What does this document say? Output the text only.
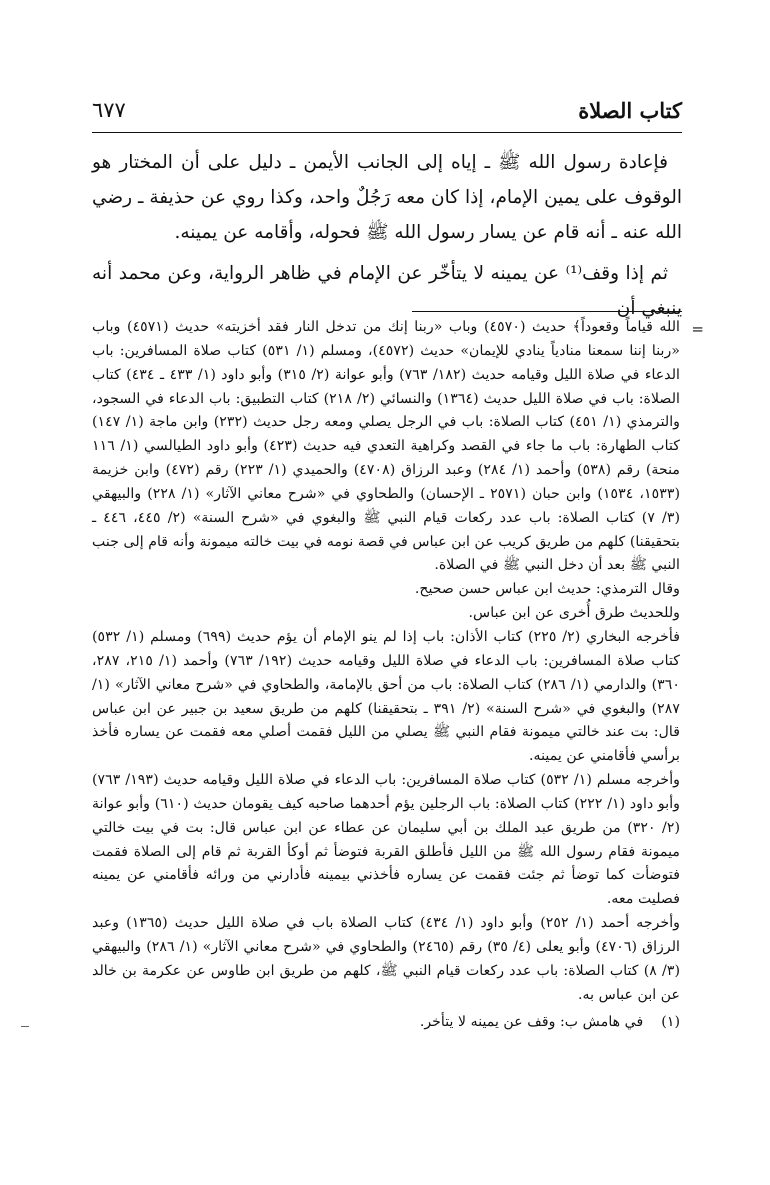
كتاب الصلاة
٦٧٧

فإعادة رسول الله ﷺ ـ إياه إلى الجانب الأيمن ـ دليل على أن المختار هو الوقوف على يمين الإمام، إذا كان معه رَجُلٌ واحد، وكذا روي عن حذيفة ـ رضي الله عنه ـ أنه قام عن يسار رسول الله ﷺ فحوله، وأقامه عن يمينه.

ثم إذا وقف⁽¹⁾ عن يمينه لا يتأخّر عن الإمام في ظاهر الرواية، وعن محمد أنه ينبغي أن

=

الله قياماً وقعوداً﴾ حديث (٤٥٧٠) وباب «ربنا إنك من تدخل النار فقد أخزيته» حديث (٤٥٧١) وباب «ربنا إننا سمعنا منادياً ينادي للإيمان» حديث (٤٥٧٢)، ومسلم (١/ ٥٣١) كتاب صلاة المسافرين: باب الدعاء في صلاة الليل وقيامه حديث (١٨٢/ ٧٦٣) وأبو عوانة (٢/ ٣١٥) وأبو داود (١/ ٤٣٣ ـ ٤٣٤) كتاب الصلاة: باب في صلاة الليل حديث (١٣٦٤) والنسائي (٢/ ٢١٨) كتاب التطبيق: باب الدعاء في السجود، والترمذي (١/ ٤٥١) كتاب الصلاة: باب في الرجل يصلي ومعه رجل حديث (٢٣٢) وابن ماجة (١/ ١٤٧) كتاب الطهارة: باب ما جاء في القصد وكراهية التعدي فيه حديث (٤٢٣) وأبو داود الطيالسي (١/ ١١٦ منحة) رقم (٥٣٨) وأحمد (١/ ٢٨٤) وعبد الرزاق (٤٧٠٨) والحميدي (١/ ٢٢٣) رقم (٤٧٢) وابن خزيمة (١٥٣٣، ١٥٣٤) وابن حبان (٢٥٧١ ـ الإحسان) والطحاوي في «شرح معاني الآثار» (١/ ٢٢٨) والبيهقي (٣/ ٧) كتاب الصلاة: باب عدد ركعات قيام النبي ﷺ والبغوي في «شرح السنة» (٢/ ٤٤٥، ٤٤٦ ـ بتحقيقنا) كلهم من طريق كريب عن ابن عباس في قصة نومه في بيت خالته ميمونة وأنه قام إلى جنب النبي ﷺ بعد أن دخل النبي ﷺ في الصلاة.

وقال الترمذي: حديث ابن عباس حسن صحيح.

وللحديث طرق أُخرى عن ابن عباس.

فأخرجه البخاري (٢/ ٢٢٥) كتاب الأذان: باب إذا لم ينو الإمام أن يؤم حديث (٦٩٩) ومسلم (١/ ٥٣٢) كتاب صلاة المسافرين: باب الدعاء في صلاة الليل وقيامه حديث (١٩٢/ ٧٦٣) وأحمد (١/ ٢١٥، ٢٨٧، ٣٦٠) والدارمي (١/ ٢٨٦) كتاب الصلاة: باب من أحق بالإمامة، والطحاوي في «شرح معاني الآثار» (١/ ٢٨٧) والبغوي في «شرح السنة» (٢/ ٣٩١ ـ بتحقيقنا) كلهم من طريق سعيد بن جبير عن ابن عباس قال: بت عند خالتي ميمونة فقام النبي ﷺ يصلي من الليل فقمت أصلي معه فقمت عن يساره فأخذ برأسي فأقامني عن يمينه.

وأخرجه مسلم (١/ ٥٣٢) كتاب صلاة المسافرين: باب الدعاء في صلاة الليل وقيامه حديث (١٩٣/ ٧٦٣) وأبو داود (١/ ٢٢٢) كتاب الصلاة: باب الرجلين يؤم أحدهما صاحبه كيف يقومان حديث (٦١٠) وأبو عوانة (٢/ ٣٢٠) من طريق عبد الملك بن أبي سليمان عن عطاء عن ابن عباس قال: بت في بيت خالتي ميمونة فقام رسول الله ﷺ من الليل فأطلق القربة فتوضأ ثم أوكأ القربة ثم قام إلى الصلاة فقمت فتوضأت كما توضأ ثم جئت فقمت عن يساره فأخذني بيمينه فأدارني من ورائه فأقامني عن يمينه فصليت معه.

وأخرجه أحمد (١/ ٢٥٢) وأبو داود (١/ ٤٣٤) كتاب الصلاة باب في صلاة الليل حديث (١٣٦٥) وعبد الرزاق (٤٧٠٦) وأبو يعلى (٤/ ٣٥) رقم (٢٤٦٥) والطحاوي في «شرح معاني الآثار» (١/ ٢٨٦) والبيهقي (٣/ ٨) كتاب الصلاة: باب عدد ركعات قيام النبي ﷺ، كلهم من طريق ابن طاوس عن عكرمة بن خالد عن ابن عباس به.

(١)في هامش ب: وقف عن يمينه لا يتأخر.
